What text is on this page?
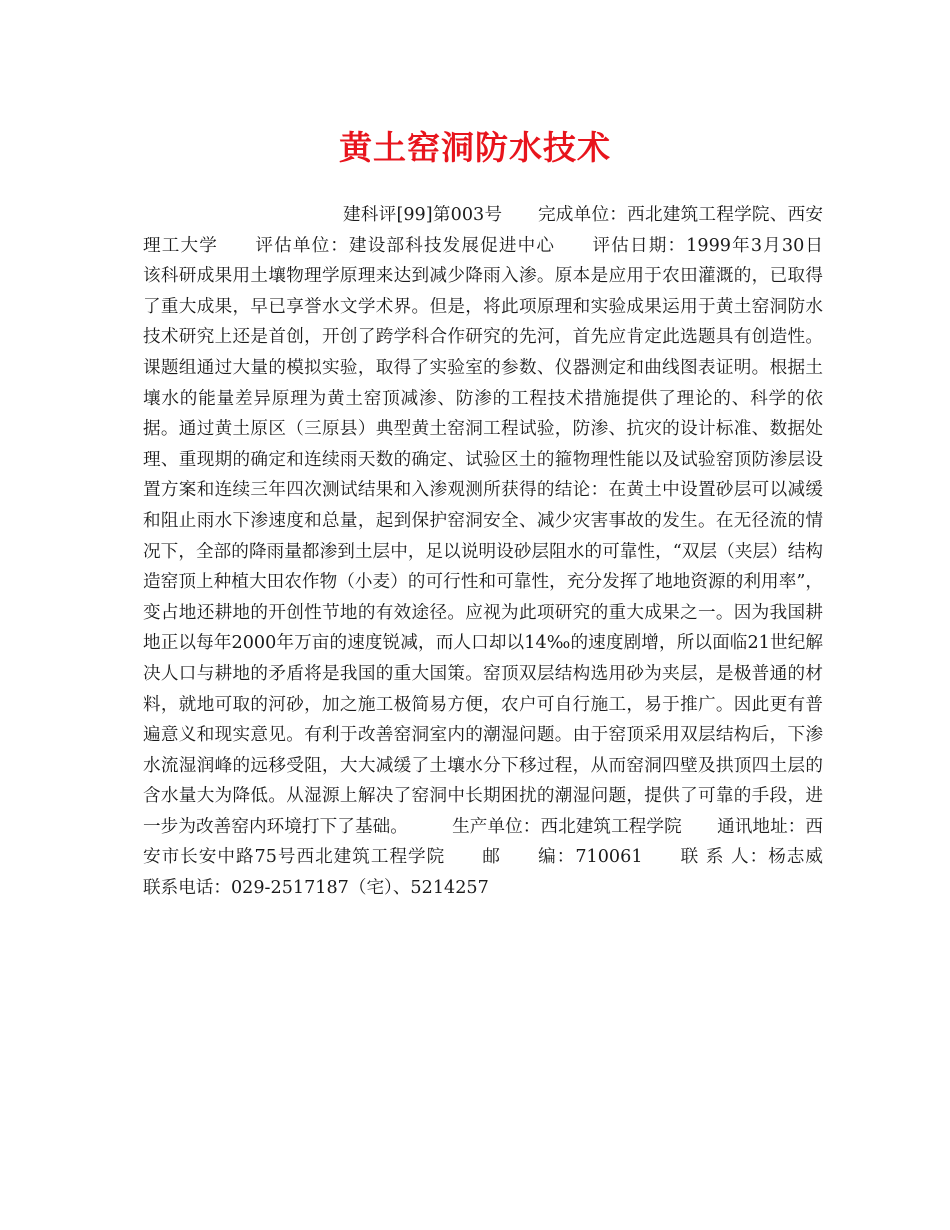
黄土窑洞防水技术

建科评[99]第003号　　完成单位：西北建筑工程学院、西安理工大学　　评估单位：建设部科技发展促进中心　　评估日期：1999年3月30日　　　　该科研成果用土壤物理学原理来达到减少降雨入渗。原本是应用于农田灌溉的，已取得了重大成果，早已享誉水文学术界。但是，将此项原理和实验成果运用于黄土窑洞防水技术研究上还是首创，开创了跨学科合作研究的先河，首先应肯定此选题具有创造性。课题组通过大量的模拟实验，取得了实验室的参数、仪器测定和曲线图表证明。根据土壤水的能量差异原理为黄土窑顶减渗、防渗的工程技术措施提供了理论的、科学的依据。通过黄土原区（三原县）典型黄土窑洞工程试验，防渗、抗灾的设计标准、数据处理、重现期的确定和连续雨天数的确定、试验区土的箍物理性能以及试验窑顶防渗层设置方案和连续三年四次测试结果和入渗观测所获得的结论：在黄土中设置砂层可以减缓和阻止雨水下渗速度和总量，起到保护窑洞安全、减少灾害事故的发生。在无径流的情况下，全部的降雨量都渗到土层中，足以说明设砂层阻水的可靠性，“双层（夹层）结构造窑顶上种植大田农作物（小麦）的可行性和可靠性，充分发挥了地地资源的利用率”，变占地还耕地的开创性节地的有效途径。应视为此项研究的重大成果之一。因为我国耕地正以每年2000年万亩的速度锐减，而人口却以14‰的速度剧增，所以面临21世纪解决人口与耕地的矛盾将是我国的重大国策。窑顶双层结构选用砂为夹层，是极普通的材料，就地可取的河砂，加之施工极简易方便，农户可自行施工，易于推广。因此更有普遍意义和现实意见。有利于改善窑洞室内的潮湿问题。由于窑顶采用双层结构后，下渗水流湿润峰的远移受阻，大大减缓了土壤水分下移过程，从而窑洞四壁及拱顶四土层的含水量大为降低。从湿源上解决了窑洞中长期困扰的潮湿问题，提供了可靠的手段，进一步为改善窑内环境打下了基础。　　　生产单位：西北建筑工程学院　　通讯地址：西安市长安中路75号西北建筑工程学院　　邮　　编：710061　　联 系 人：杨志威　　联系电话：029-2517187（宅）、5214257
